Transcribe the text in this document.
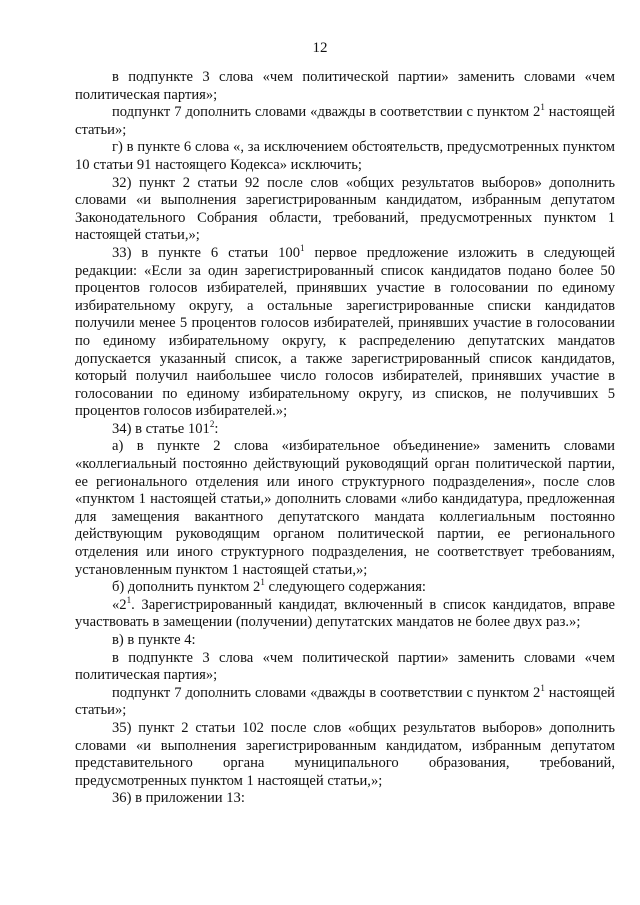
12

в подпункте 3 слова «чем политической партии» заменить словами «чем политическая партия»;

подпункт 7 дополнить словами «дважды в соответствии с пунктом $2^1$ настоящей статьи»;

г) в пункте 6 слова «, за исключением обстоятельств, предусмотренных пунктом 10 статьи 91 настоящего Кодекса» исключить;

32) пункт 2 статьи 92 после слов «общих результатов выборов» дополнить словами «и выполнения зарегистрированным кандидатом, избранным депутатом Законодательного Собрания области, требований, предусмотренных пунктом 1 настоящей статьи,»;

33) в пункте 6 статьи $100^1$ первое предложение изложить в следующей редакции: «Если за один зарегистрированный список кандидатов подано более 50 процентов голосов избирателей, принявших участие в голосовании по единому избирательному округу, а остальные зарегистрированные списки кандидатов получили менее 5 процентов голосов избирателей, принявших участие в голосовании по единому избирательному округу, к распределению депутатских мандатов допускается указанный список, а также зарегистрированный список кандидатов, который получил наибольшее число голосов избирателей, принявших участие в голосовании по единому избирательному округу, из списков, не получивших 5 процентов голосов избирателей.»;

34) в статье $101^2$:

а) в пункте 2 слова «избирательное объединение» заменить словами «коллегиальный постоянно действующий руководящий орган политической партии, ее регионального отделения или иного структурного подразделения», после слов «пунктом 1 настоящей статьи,» дополнить словами «либо кандидатура, предложенная для замещения вакантного депутатского мандата коллегиальным постоянно действующим руководящим органом политической партии, ее регионального отделения или иного структурного подразделения, не соответствует требованиям, установленным пунктом 1 настоящей статьи,»;

б) дополнить пунктом $2^1$ следующего содержания:

«$2^1$. Зарегистрированный кандидат, включенный в список кандидатов, вправе участвовать в замещении (получении) депутатских мандатов не более двух раз.»;

в) в пункте 4:

в подпункте 3 слова «чем политической партии» заменить словами «чем политическая партия»;

подпункт 7 дополнить словами «дважды в соответствии с пунктом $2^1$ настоящей статьи»;

35) пункт 2 статьи 102 после слов «общих результатов выборов» дополнить словами «и выполнения зарегистрированным кандидатом, избранным депутатом представительного органа муниципального образования, требований, предусмотренных пунктом 1 настоящей статьи,»;

36) в приложении 13:
